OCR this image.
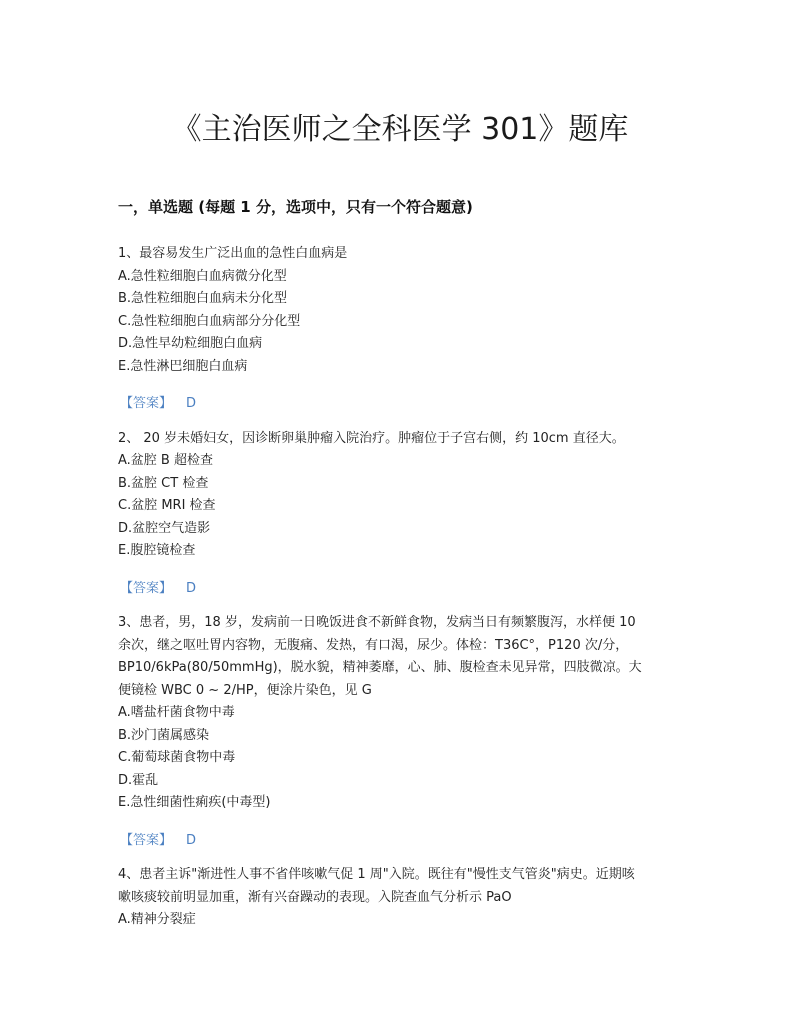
《主治医师之全科医学 301》题库
一，单选题 (每题 1 分，选项中，只有一个符合题意)
1、最容易发生广泛出血的急性白血病是
A.急性粒细胞白血病微分化型
B.急性粒细胞白血病未分化型
C.急性粒细胞白血病部分分化型
D.急性早幼粒细胞白血病
E.急性淋巴细胞白血病
【答案】 D
2、 20 岁未婚妇女，因诊断卵巢肿瘤入院治疗。肿瘤位于子宫右侧，约 10cm 直径大。
A.盆腔 B 超检查
B.盆腔 CT 检查
C.盆腔 MRI 检查
D.盆腔空气造影
E.腹腔镜检查
【答案】 D
3、患者，男，18 岁，发病前一日晚饭进食不新鲜食物，发病当日有频繁腹泻，水样便 10
余次，继之呕吐胃内容物，无腹痛、发热，有口渴，尿少。体检：T36C°，P120 次/分，
BP10/6kPa(80/50mmHg)，脱水貌，精神萎靡，心、肺、腹检查未见异常，四肢微凉。大
便镜检 WBC 0 ~ 2/HP，便涂片染色，见 G
A.嗜盐杆菌食物中毒
B.沙门菌属感染
C.葡萄球菌食物中毒
D.霍乱
E.急性细菌性痢疾(中毒型)
【答案】 D
4、患者主诉"渐进性人事不省伴咳嗽气促 1 周"入院。既往有"慢性支气管炎"病史。近期咳
嗽咳痰较前明显加重，渐有兴奋躁动的表现。入院查血气分析示 PaO
A.精神分裂症
